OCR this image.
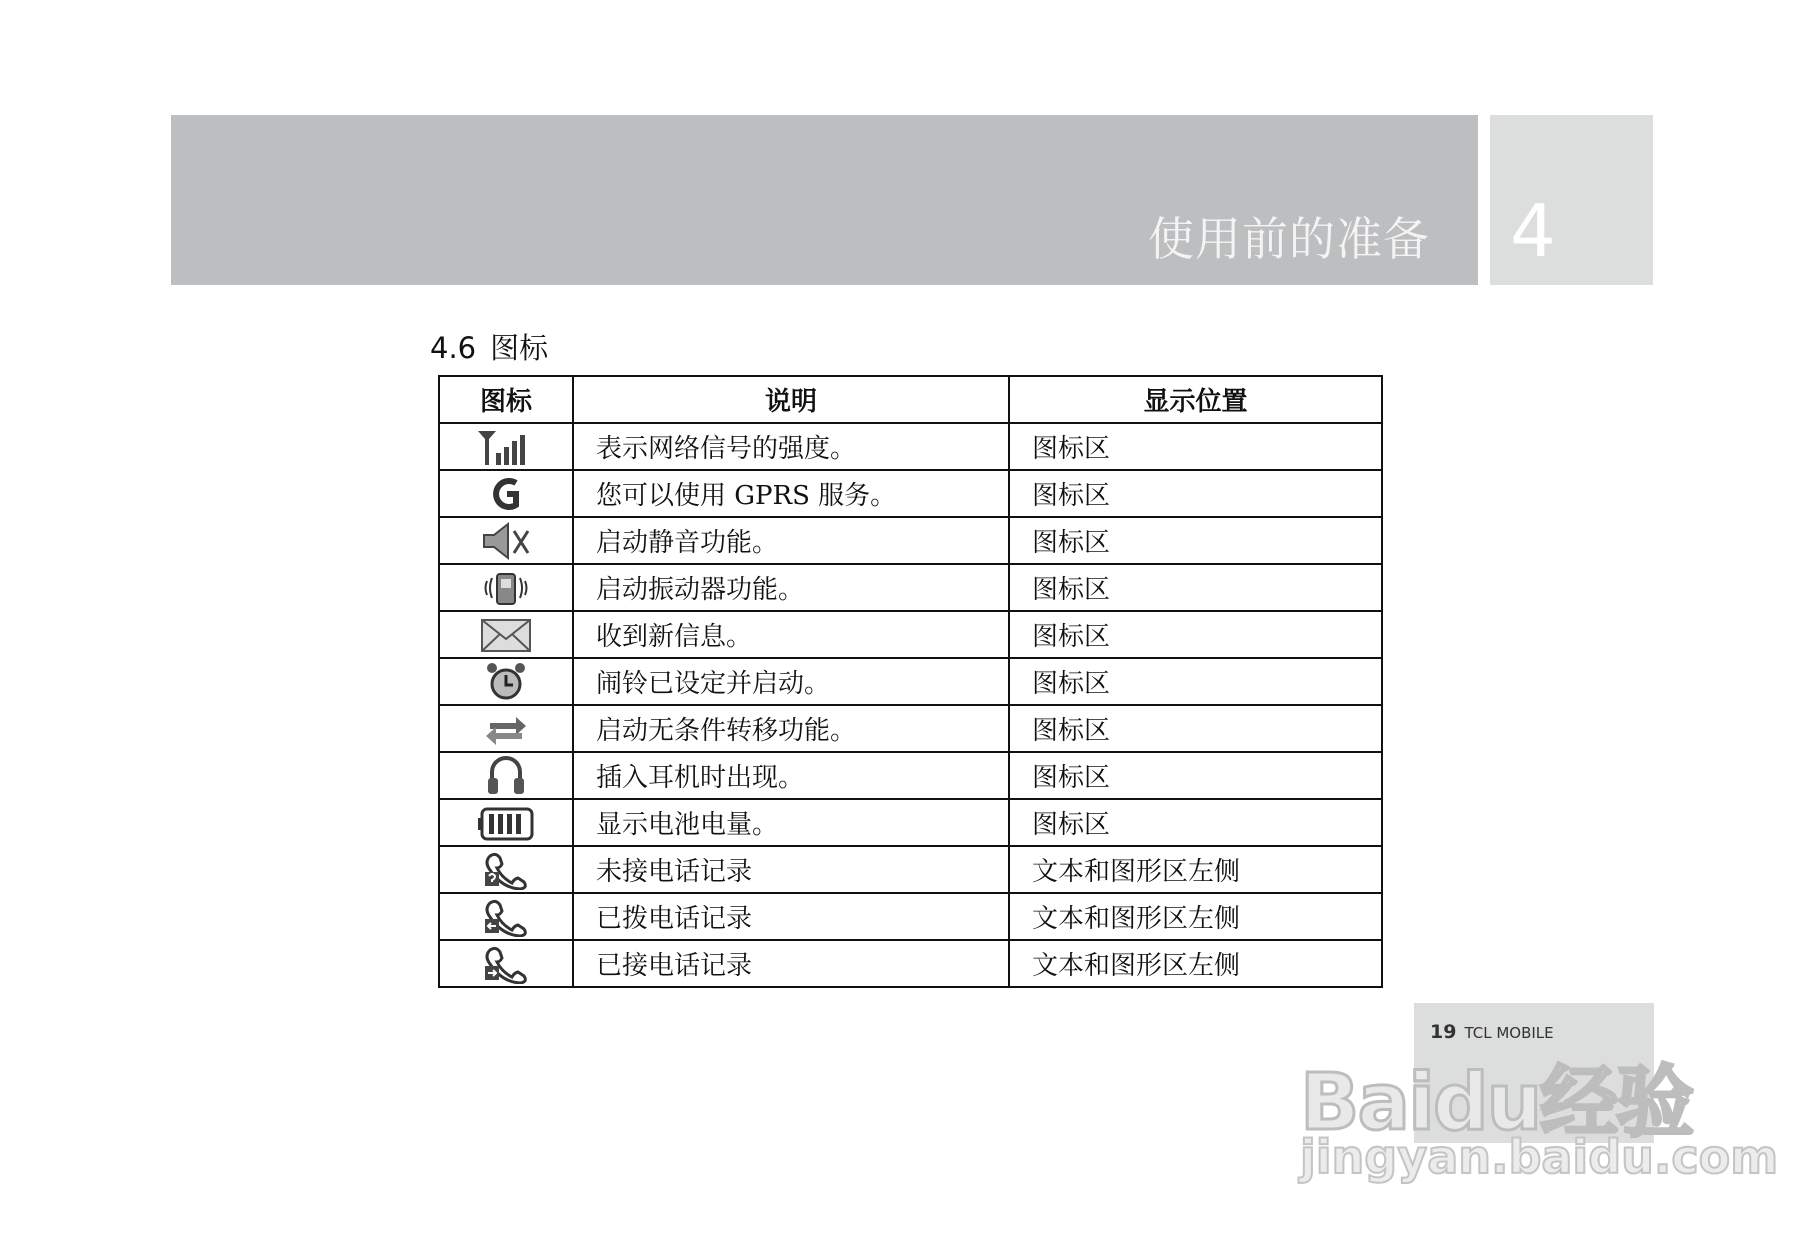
使用前的准备 4
4.6 图标
图标	说明	显示位置
	表示网络信号的强度。	图标区
	您可以使用 GPRS 服务。	图标区
	启动静音功能。	图标区
	启动振动器功能。	图标区
	收到新信息。	图标区
	闹铃已设定并启动。	图标区
	启动无条件转移功能。	图标区
	插入耳机时出现。	图标区
	显示电池电量。	图标区
	未接电话记录	文本和图形区左侧
	已拨电话记录	文本和图形区左侧
	已接电话记录	文本和图形区左侧
19 TCL MOBILE
Baidu经验
jingyan.baidu.com
